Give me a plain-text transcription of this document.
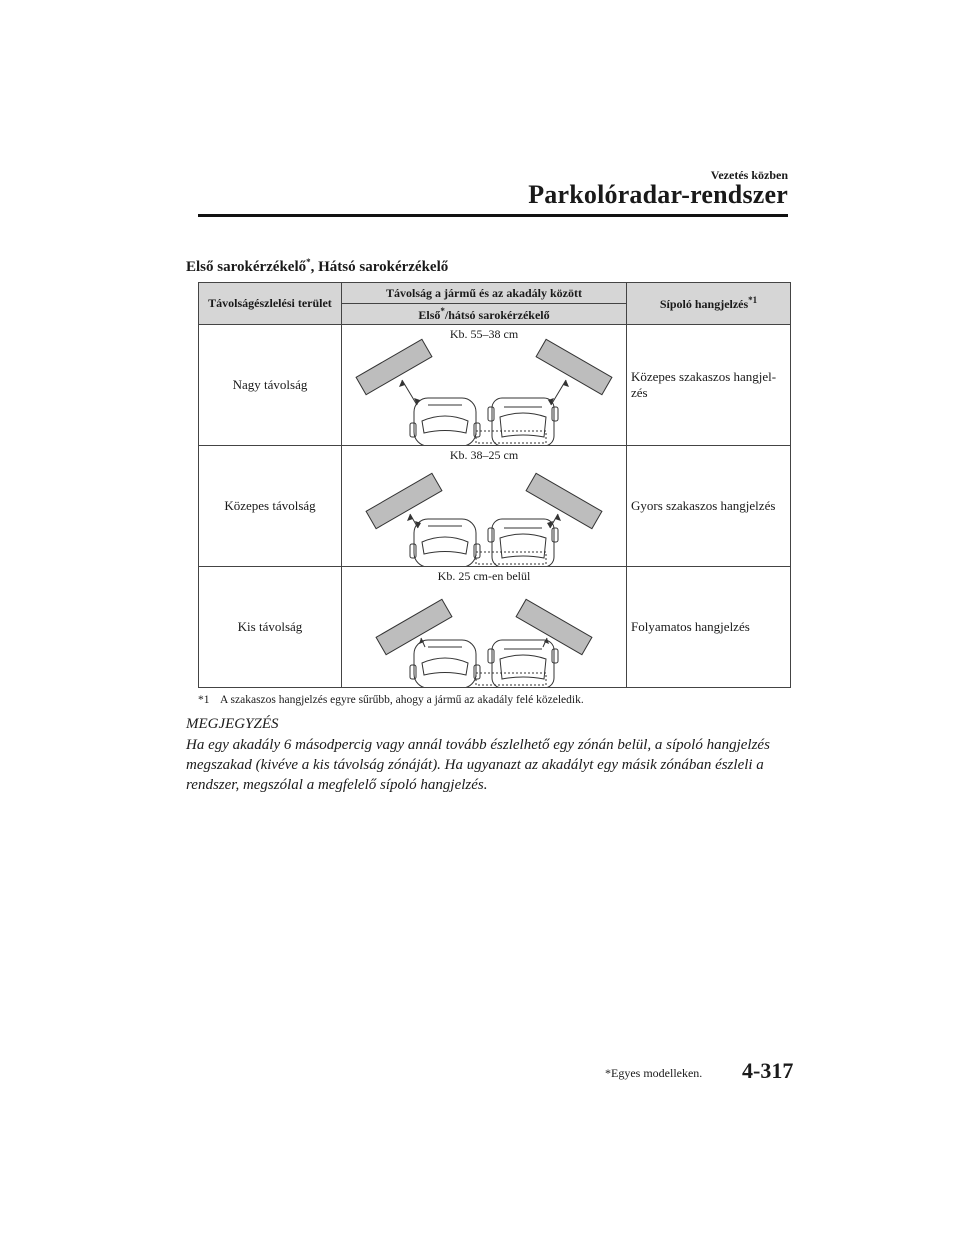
Vezetés közben
Parkolóradar-rendszer
Első sarokérzékelő*, Hátsó sarokérzékelő
Távolságészlelési terület	Távolság a jármű és az akadály között	Sípoló hangjelzés$^{*1}$
	Első*/hátsó sarokérzékelő	
Nagy távolság	Kb. 55–38 cm	Közepes szakaszos hangjel-
zés
Közepes távolság	Kb. 38–25 cm	Gyors szakaszos hangjelzés
Kis távolság	Kb. 25 cm-en belül	Folyamatos hangjelzés
*1 A szakaszos hangjelzés egyre sűrűbb, ahogy a jármű az akadály felé közeledik.
MEGJEGYZÉS
Ha egy akadály 6 másodpercig vagy annál tovább észlelhető egy zónán belül, a sípoló hangjelzés megszakad (kivéve a kis távolság zónáját). Ha ugyanazt az akadályt egy másik zónában észleli a rendszer, megszólal a megfelelő sípoló hangjelzés.
*Egyes modelleken. 4-317
